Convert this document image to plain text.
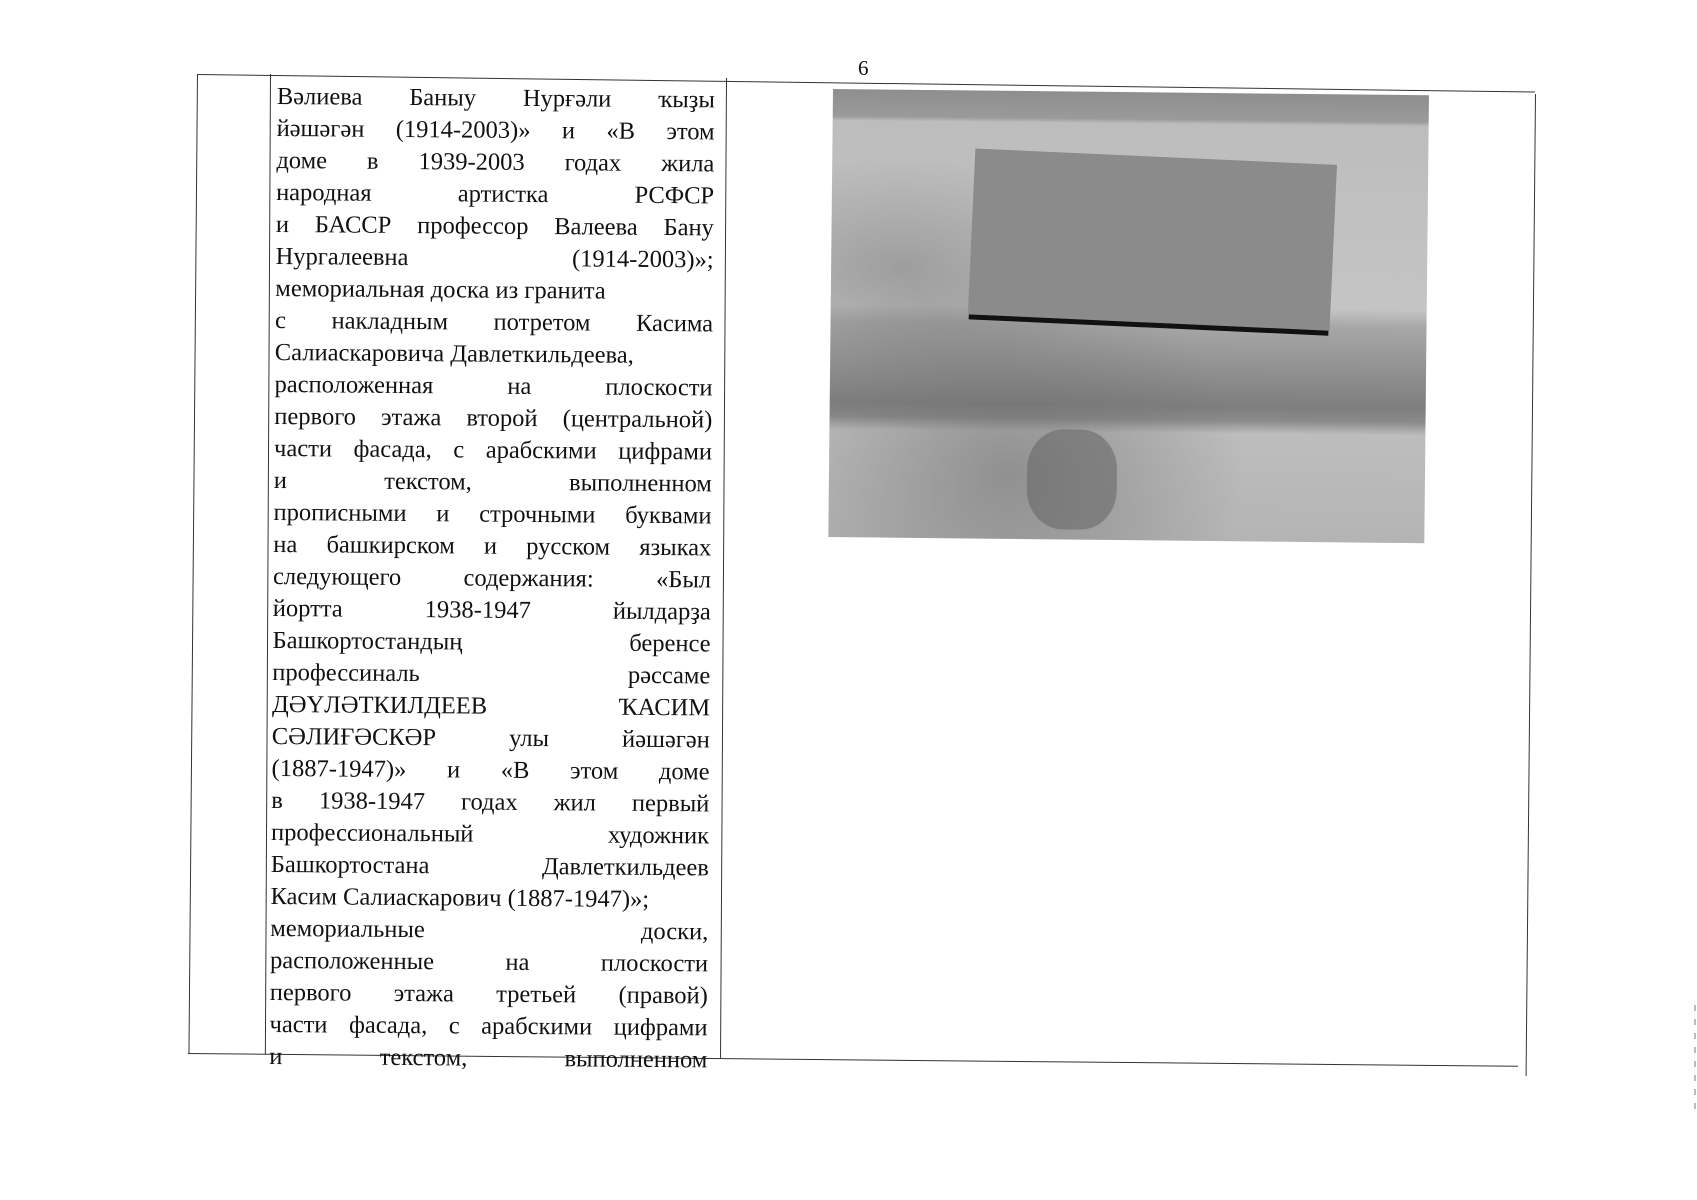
6
Вәлиева Баныу Нурғәли ҡыҙы
йәшәгән (1914-2003)» и «В этом
доме в 1939-2003 годах жила
народная артистка РСФСР
и БАССР профессор Валеева Бану
Нургалеевна (1914-2003)»;
мемориальная доска из гранита
с накладным потретом Касима
Салиаскаровича Давлеткильдеева,
расположенная на плоскости
первого этажа второй (центральной)
части фасада, с арабскими цифрами
и текстом, выполненном
прописными и строчными буквами
на башкирском и русском языках
следующего содержания: «Был
йортта 1938-1947 йылдарҙа
Башкортостандың беренсе
профессиналь рәссаме
ДӘҮЛӘТКИЛДЕЕВ ҠАСИМ
СӘЛИҒӘСКӘР улы йәшәгән
(1887-1947)» и «В этом доме
в 1938-1947 годах жил первый
профессиональный художник
Башкортостана Давлеткильдеев
Касим Салиаскарович (1887-1947)»;
мемориальные доски,
расположенные на плоскости
первого этажа третьей (правой)
части фасада, с арабскими цифрами
и текстом, выполненном
